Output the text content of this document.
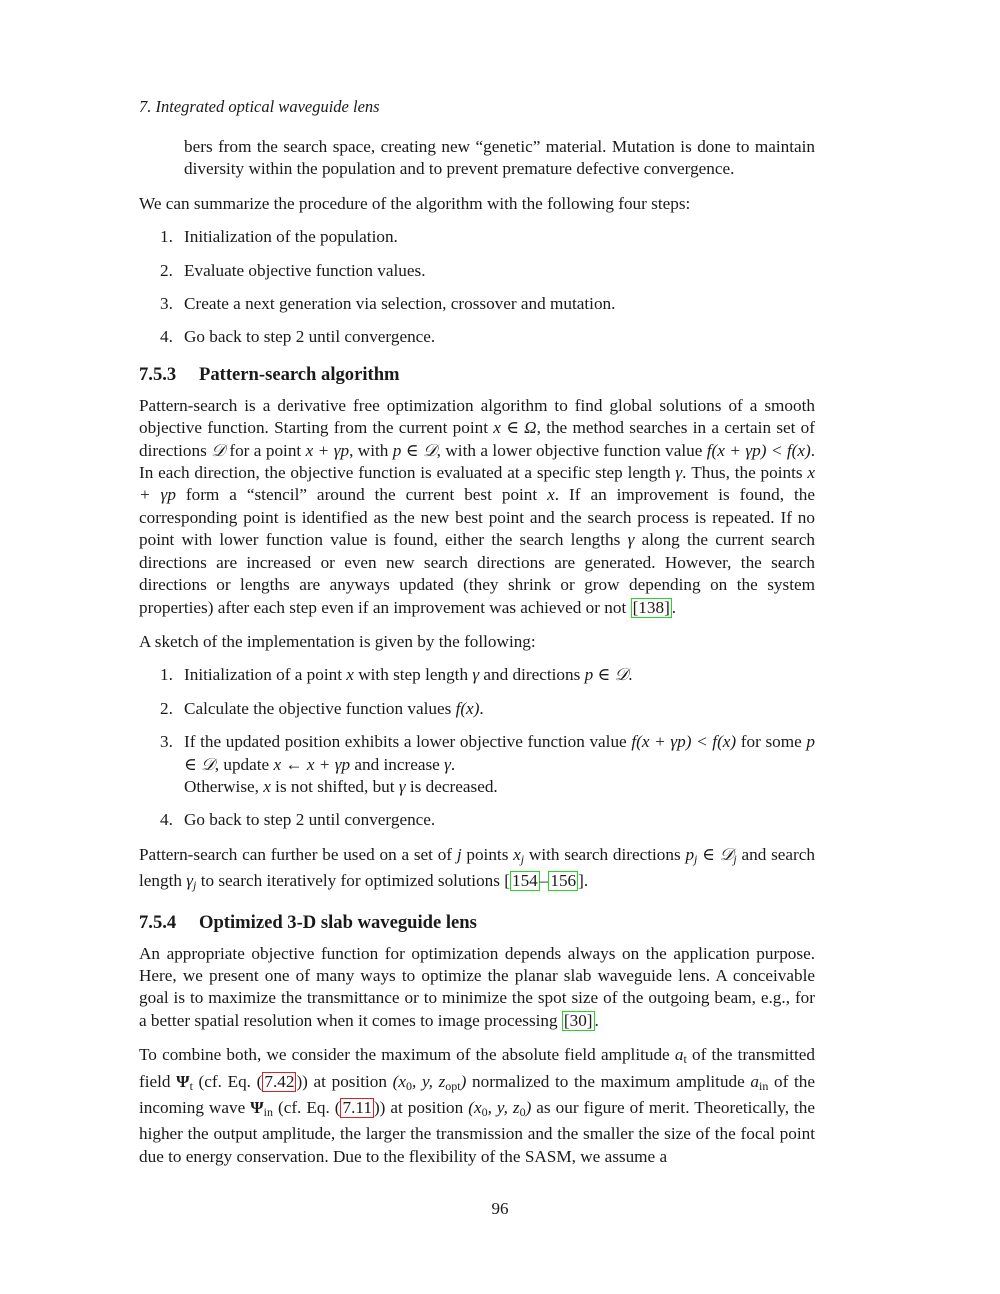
7. Integrated optical waveguide lens

bers from the search space, creating new “genetic” material. Mutation is done to maintain diversity within the population and to prevent premature defective convergence.

We can summarize the procedure of the algorithm with the following four steps:

1. Initialization of the population.
2. Evaluate objective function values.
3. Create a next generation via selection, crossover and mutation.
4. Go back to step 2 until convergence.
7.5.3 Pattern-search algorithm

Pattern-search is a derivative free optimization algorithm to find global solutions of a smooth objective function. Starting from the current point x ∈ Ω, the method searches in a certain set of directions 𝒟 for a point x + γp, with p ∈ 𝒟, with a lower objective function value f(x + γp) < f(x). In each direction, the objective function is evaluated at a specific step length γ. Thus, the points x + γp form a “stencil” around the current best point x. If an improvement is found, the corresponding point is identified as the new best point and the search process is repeated. If no point with lower function value is found, either the search lengths γ along the current search directions are increased or even new search directions are generated. However, the search directions or lengths are anyways updated (they shrink or grow depending on the system properties) after each step even if an improvement was achieved or not [138] .

A sketch of the implementation is given by the following:

1. Initialization of a point x with step length γ and directions p ∈ 𝒟.
2. Calculate the objective function values f(x).
3. If the updated position exhibits a lower objective function value f(x + γp) < f(x) for some p ∈ 𝒟, update x ← x + γp and increase γ.
Otherwise, x is not shifted, but γ is decreased.
4. Go back to step 2 until convergence.

Pattern-search can further be used on a set of j points $x_j$ with search directions $p_j$ ∈ 𝒟$_j$ and search length $\gamma_j$ to search iteratively for optimized solutions [ 154 – 156 ].

7.5.4 Optimized 3-D slab waveguide lens

An appropriate objective function for optimization depends always on the application purpose. Here, we present one of many ways to optimize the planar slab waveguide lens. A conceivable goal is to maximize the transmittance or to minimize the spot size of the outgoing beam, e.g., for a better spatial resolution when it comes to image processing [30] .

To combine both, we consider the maximum of the absolute field amplitude $a_t$ of the transmitted field $\Psi_t$ (cf. Eq. ( 7.42 )) at position ($x_0$, y, $z_{opt}$) normalized to the maximum amplitude $a_{in}$ of the incoming wave $\Psi_{in}$ (cf. Eq. ( 7.11 )) at position ($x_0$, y, $z_0$) as our figure of merit. Theoretically, the higher the output amplitude, the larger the transmission and the smaller the size of the focal point due to energy conservation. Due to the flexibility of the SASM, we assume a

96
